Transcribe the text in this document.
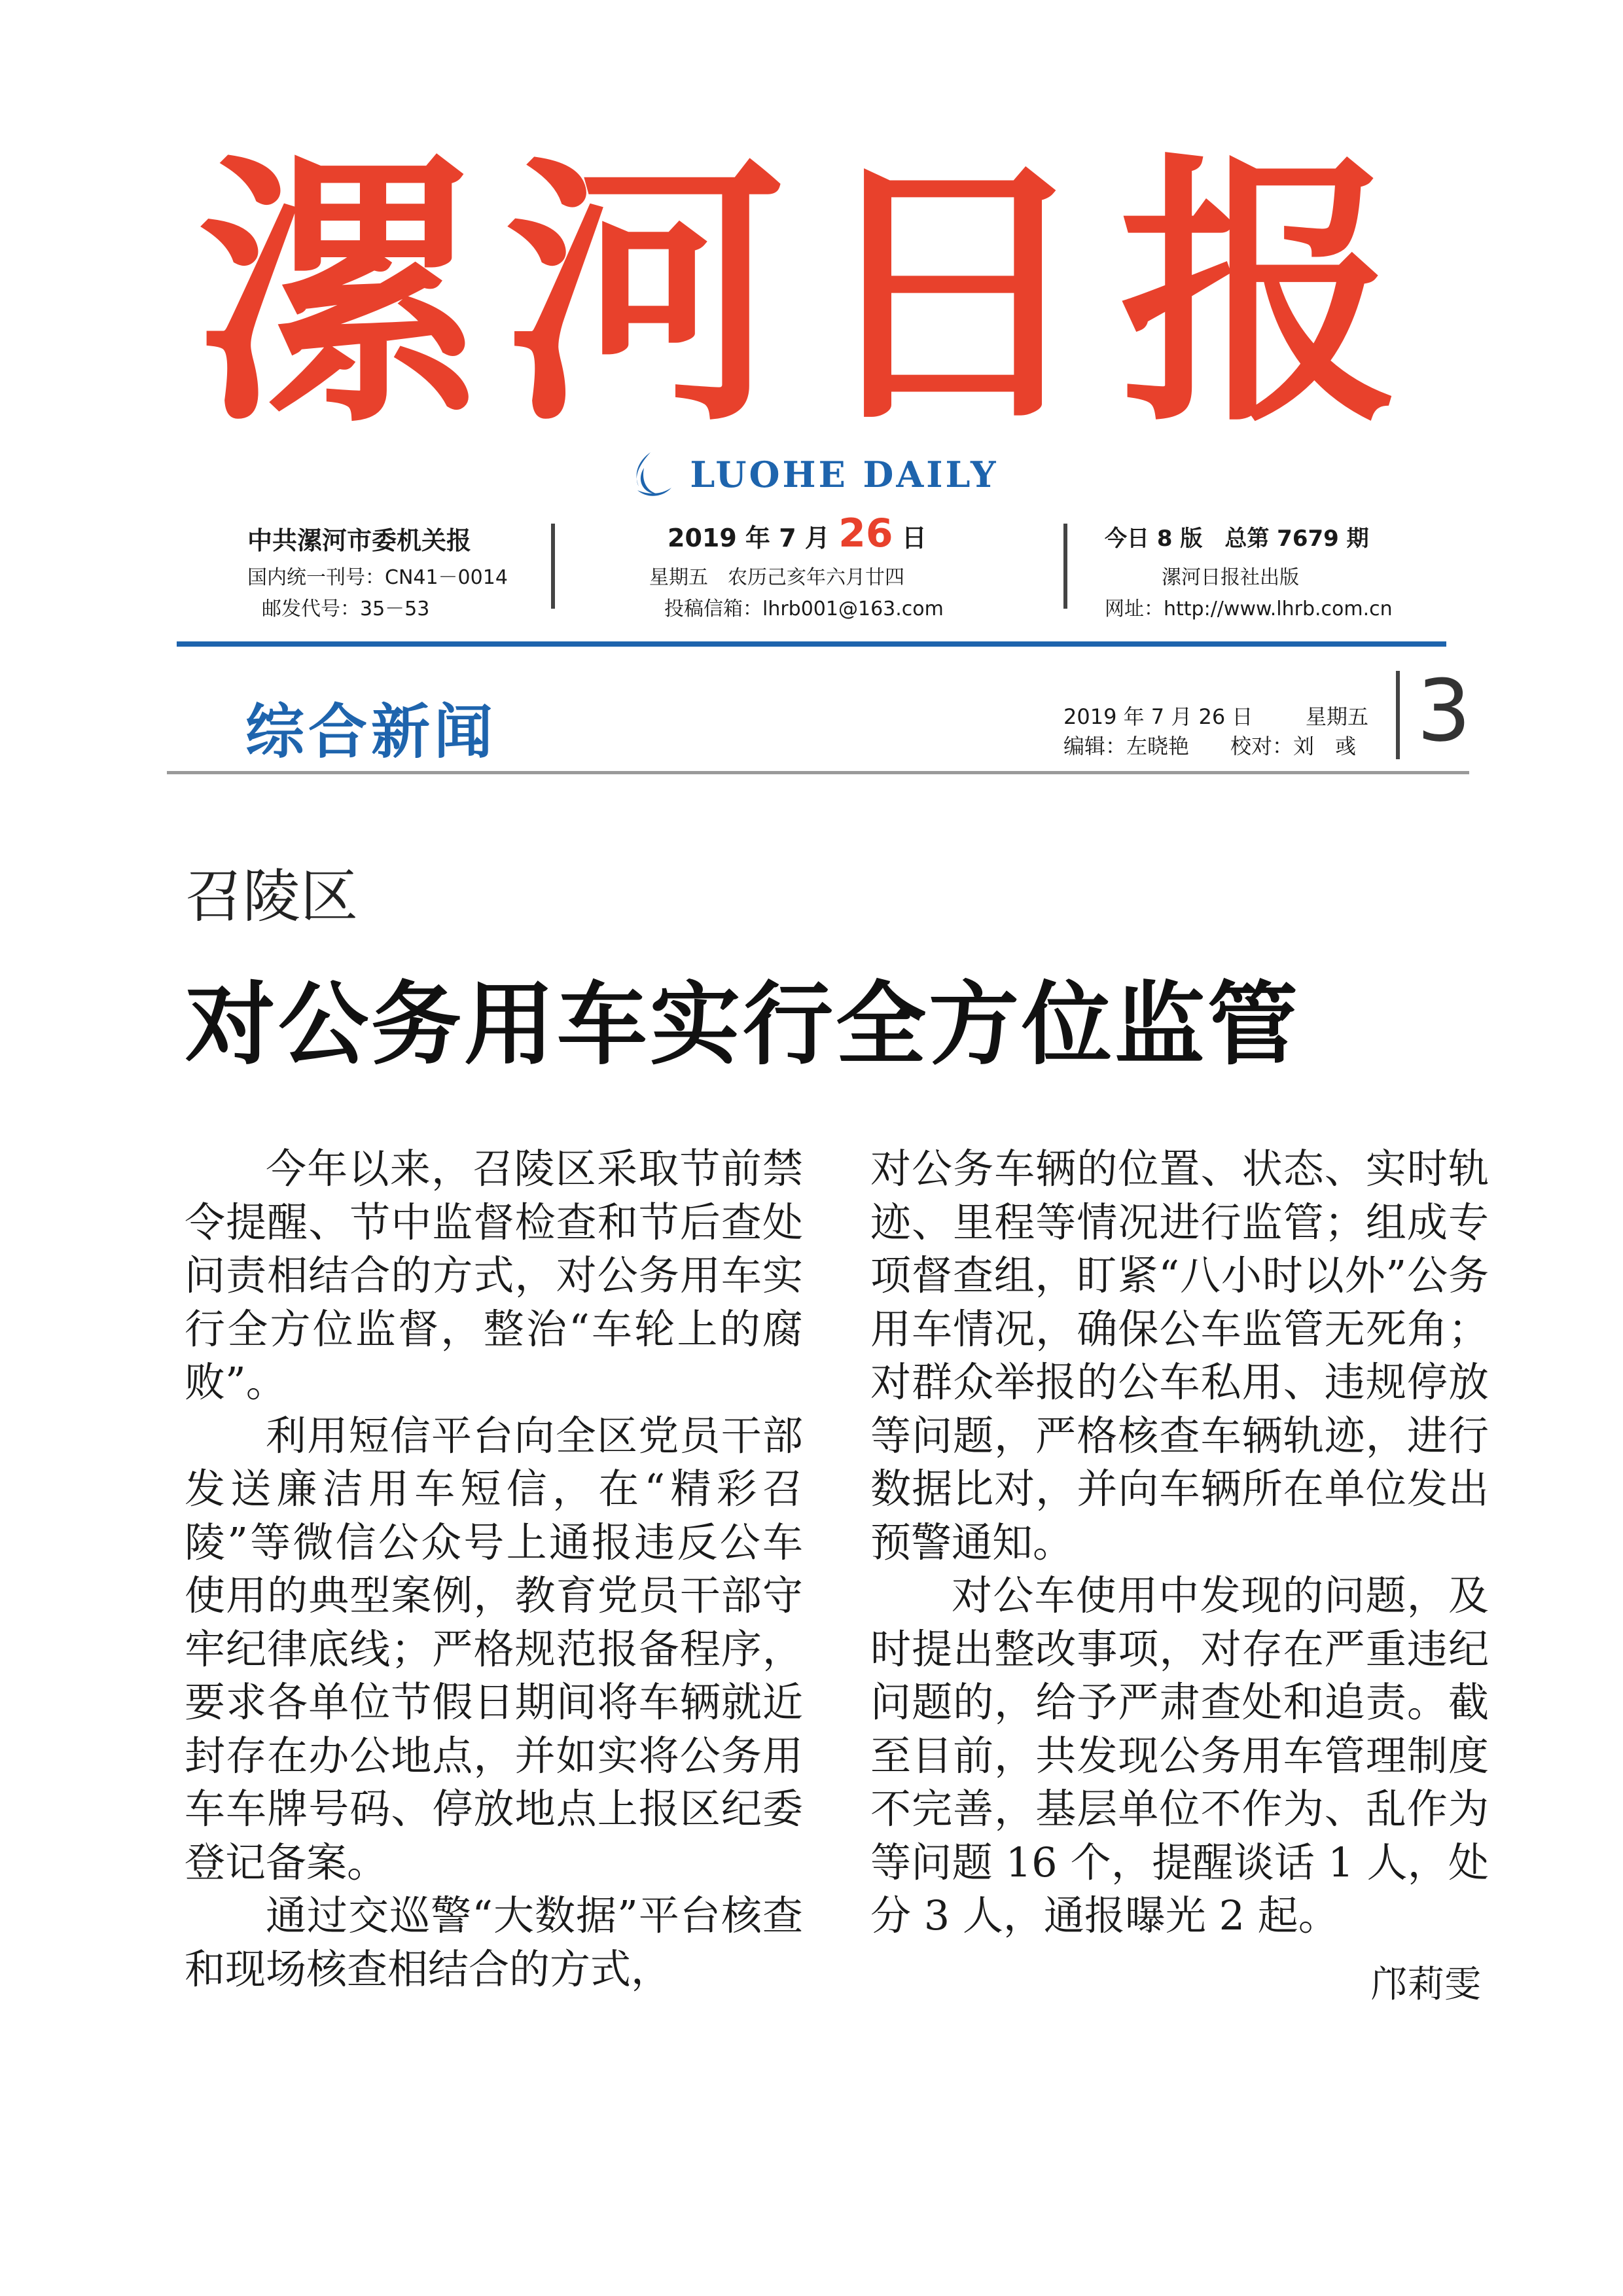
漯河日报
LUOHE DAILY
中共漯河市委机关报
国内统一刊号：CN41－0014
邮发代号：35－53
2019 年 7 月 26 日
星期五　农历己亥年六月廿四
投稿信箱：lhrb001@163.com
今日 8 版　总第 7679 期
漯河日报社出版
网址：http://www.lhrb.com.cn
综合新闻	2019 年 7 月 26 日	星期五
编辑：左晓艳 校对：刘　彧 3
召陵区
对公务用车实行全方位监管

今年以来，召陵区采取节前禁令提醒、节中监督检查和节后查处问责相结合的方式，对公务用车实行全方位监督，整治“车轮上的腐败”。

利用短信平台向全区党员干部发送廉洁用车短信，在“精彩召陵”等微信公众号上通报违反公车使用的典型案例，教育党员干部守牢纪律底线；严格规范报备程序，要求各单位节假日期间将车辆就近封存在办公地点，并如实将公务用车车牌号码、停放地点上报区纪委登记备案。

通过交巡警“大数据”平台核查和现场核查相结合的方式，

对公务车辆的位置、状态、实时轨迹、里程等情况进行监管；组成专项督查组，盯紧“八小时以外”公务用车情况，确保公车监管无死角；对群众举报的公车私用、违规停放等问题，严格核查车辆轨迹，进行数据比对，并向车辆所在单位发出预警通知。

对公车使用中发现的问题，及时提出整改事项，对存在严重违纪问题的，给予严肃查处和追责。截至目前，共发现公务用车管理制度不完善，基层单位不作为、乱作为等问题 16 个，提醒谈话 1 人，处分 3 人，通报曝光 2 起。

邝莉雯
